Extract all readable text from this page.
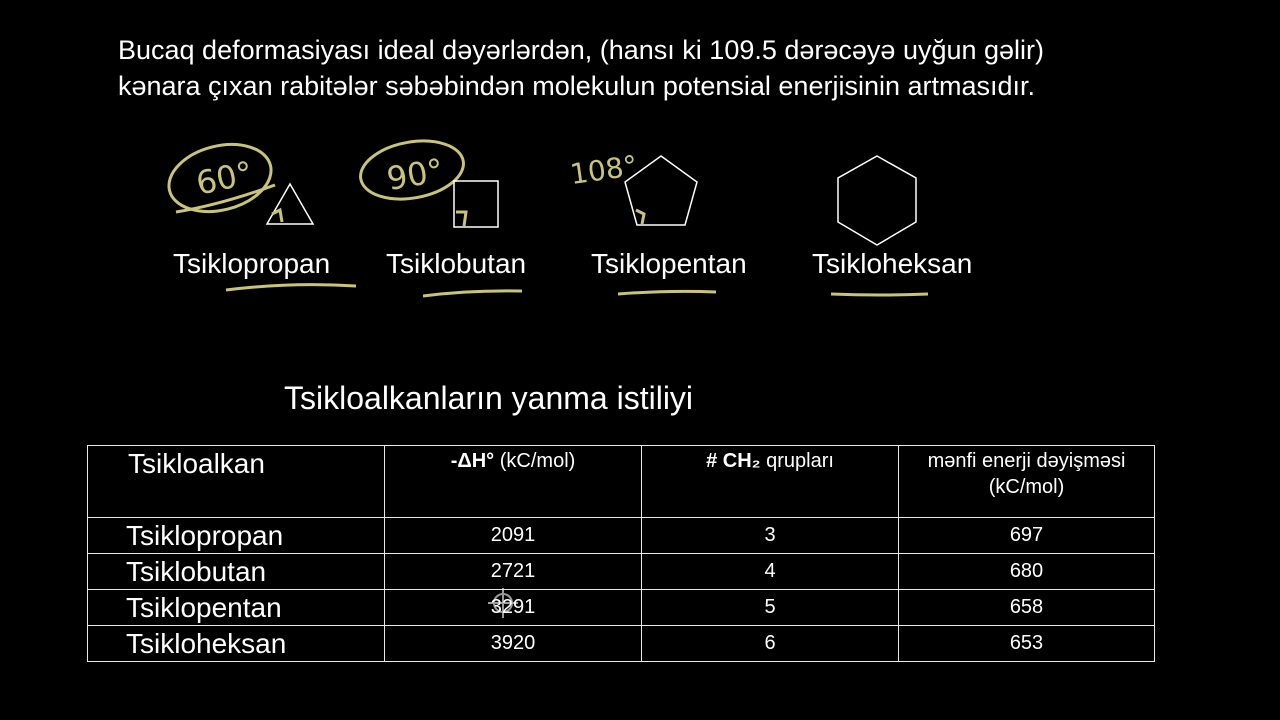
Bucaq deformasiyası ideal dəyərlərdən, (hansı ki 109.5 dərəcəyə uyğun gəlir)
kənara çıxan rabitələr səbəbindən molekulun potensial enerjisinin artmasıdır.
60°	90°	108°
Tsiklopropan Tsiklobutan Tsiklopentan Tsikloheksan
Tsikloalkanların yanma istiliyi
Tsikloalkan	-ΔH° (kC/mol)	# CH₂ qrupları	mənfi enerji dəyişməsi
(kC/mol)

Tsiklopropan	2091	3	697
Tsiklobutan	2721	4	680
Tsiklopentan	3291	5	658
Tsikloheksan	3920	6	653
